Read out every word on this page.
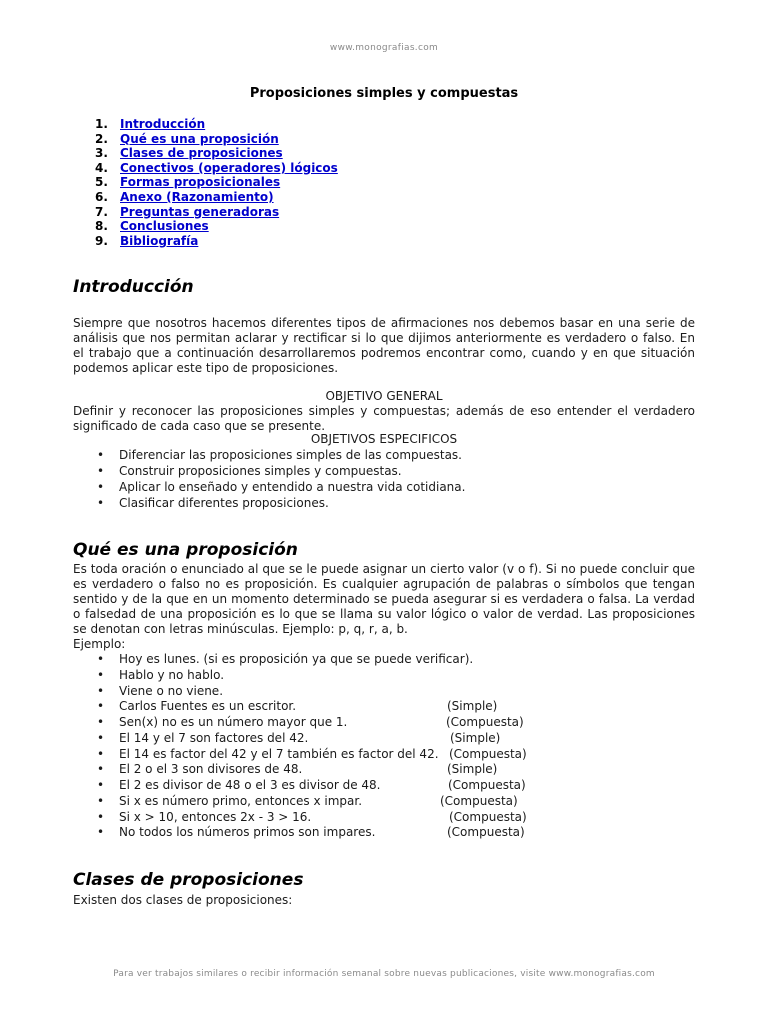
www.monografias.com
Proposiciones simples y compuestas
1.	Introducción
2.	Qué es una proposición
3.	Clases de proposiciones
4.	Conectivos (operadores) lógicos
5.	Formas proposicionales
6.	Anexo (Razonamiento)
7.	Preguntas generadoras
8.	Conclusiones
9.	Bibliografía
Introducción

Siempre que nosotros hacemos diferentes tipos de afirmaciones nos debemos basar en una serie de análisis que nos permitan aclarar y rectificar si lo que dijimos anteriormente es verdadero o falso. En el trabajo que a continuación desarrollaremos podremos encontrar como, cuando y en que situación podemos aplicar este tipo de proposiciones.

OBJETIVO GENERAL

Definir y reconocer las proposiciones simples y compuestas; además de eso entender el verdadero significado de cada caso que se presente.

OBJETIVOS ESPECIFICOS
•	Diferenciar las proposiciones simples de las compuestas.
•	Construir proposiciones simples y compuestas.
•	Aplicar lo enseñado y entendido a nuestra vida cotidiana.
•	Clasificar diferentes proposiciones.
Qué es una proposición

Es toda oración o enunciado al que se le puede asignar un cierto valor (v o f). Si no puede concluir que es verdadero o falso no es proposición. Es cualquier agrupación de palabras o símbolos que tengan sentido y de la que en un momento determinado se pueda asegurar si es verdadera o falsa. La verdad o falsedad de una proposición es lo que se llama su valor lógico o valor de verdad. Las proposiciones se denotan con letras minúsculas. Ejemplo: p, q, r, a, b.

Ejemplo:
•	Hoy es lunes. (si es proposición ya que se puede verificar).
•	Hablo y no hablo.
•	Viene o no viene.
•	Carlos Fuentes es un escritor.	(Simple)
•	Sen(x) no es un número mayor que 1.	(Compuesta)
•	El 14 y el 7 son factores del 42.	(Simple)
•	El 14 es factor del 42 y el 7 también es factor del 42. (Compuesta)
•	El 2 o el 3 son divisores de 48.	(Simple)
•	El 2 es divisor de 48 o el 3 es divisor de 48.	(Compuesta)
•	Si x es número primo, entonces x impar.	(Compuesta)
•	Si x > 10, entonces 2x - 3 > 16.	(Compuesta)
•	No todos los números primos son impares.	(Compuesta)
Clases de proposiciones

Existen dos clases de proposiciones:

Para ver trabajos similares o recibir información semanal sobre nuevas publicaciones, visite www.monografias.com
